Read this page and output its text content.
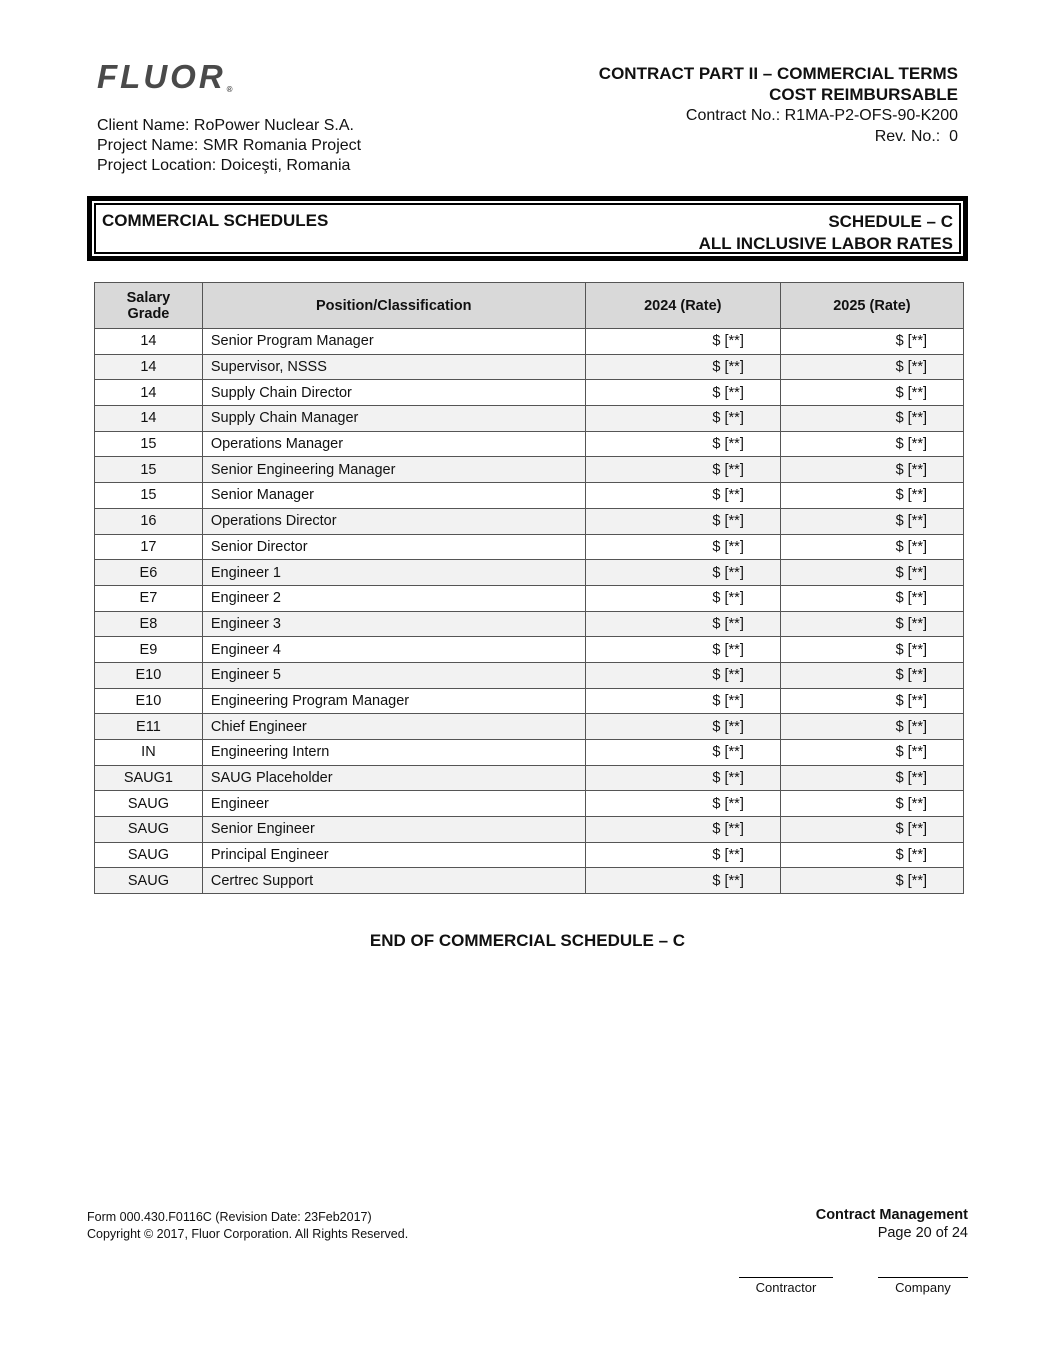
FLUOR®
Client Name: RoPower Nuclear S.A.
Project Name: SMR Romania Project
Project Location: Doiceşti, Romania
CONTRACT PART II – COMMERCIAL TERMS
COST REIMBURSABLE
Contract No.: R1MA-P2-OFS-90-K200
Rev. No.:  0
COMMERCIAL SCHEDULES	SCHEDULE – C
ALL INCLUSIVE LABOR RATES
Salary
Grade	Position/Classification	2024 (Rate)	2025 (Rate)
14	Senior Program Manager	$ [**]	$ [**]
14	Supervisor, NSSS	$ [**]	$ [**]
14	Supply Chain Director	$ [**]	$ [**]
14	Supply Chain Manager	$ [**]	$ [**]
15	Operations Manager	$ [**]	$ [**]
15	Senior Engineering Manager	$ [**]	$ [**]
15	Senior Manager	$ [**]	$ [**]
16	Operations Director	$ [**]	$ [**]
17	Senior Director	$ [**]	$ [**]
E6	Engineer 1	$ [**]	$ [**]
E7	Engineer 2	$ [**]	$ [**]
E8	Engineer 3	$ [**]	$ [**]
E9	Engineer 4	$ [**]	$ [**]
E10	Engineer 5	$ [**]	$ [**]
E10	Engineering Program Manager	$ [**]	$ [**]
E11	Chief Engineer	$ [**]	$ [**]
IN	Engineering Intern	$ [**]	$ [**]
SAUG1	SAUG Placeholder	$ [**]	$ [**]
SAUG	Engineer	$ [**]	$ [**]
SAUG	Senior Engineer	$ [**]	$ [**]
SAUG	Principal Engineer	$ [**]	$ [**]
SAUG	Certrec Support	$ [**]	$ [**]
END OF COMMERCIAL SCHEDULE – C
Form 000.430.F0116C (Revision Date: 23Feb2017)
Copyright © 2017, Fluor Corporation. All Rights Reserved.
Contract Management
Page 20 of 24
Contractor	Company
